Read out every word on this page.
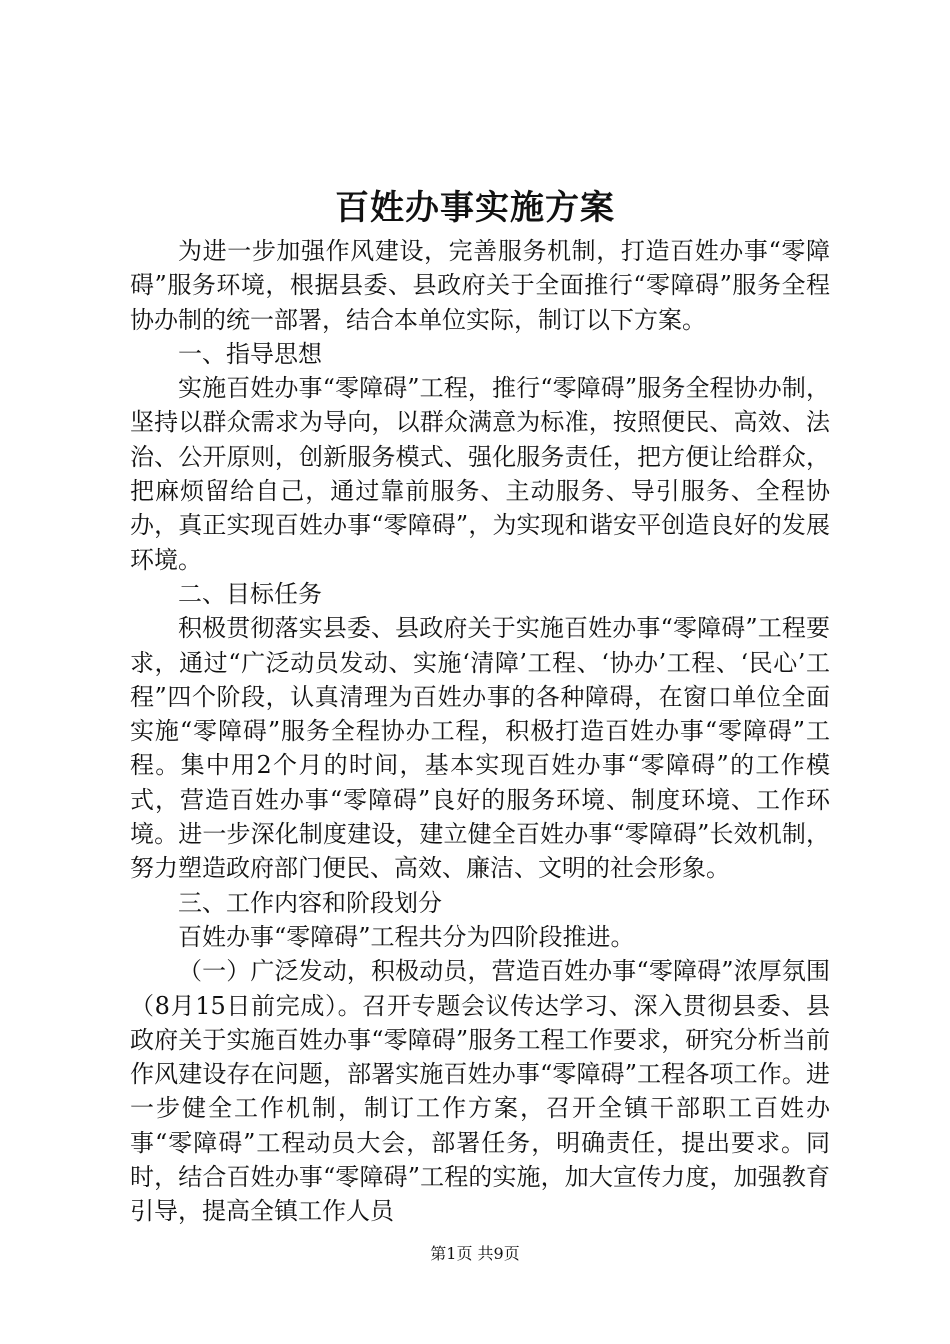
百姓办事实施方案

为进一步加强作风建设，完善服务机制，打造百姓办事“零障碍”服务环境，根据县委、县政府关于全面推行“零障碍”服务全程协办制的统一部署，结合本单位实际，制订以下方案。

一、指导思想

实施百姓办事“零障碍”工程，推行“零障碍”服务全程协办制，坚持以群众需求为导向，以群众满意为标准，按照便民、高效、法治、公开原则，创新服务模式、强化服务责任，把方便让给群众，把麻烦留给自己，通过靠前服务、主动服务、导引服务、全程协办，真正实现百姓办事“零障碍”，为实现和谐安平创造良好的发展环境。

二、目标任务

积极贯彻落实县委、县政府关于实施百姓办事“零障碍”工程要求，通过“广泛动员发动、实施‘清障’工程、‘协办’工程、‘民心’工程”四个阶段，认真清理为百姓办事的各种障碍，在窗口单位全面实施“零障碍”服务全程协办工程，积极打造百姓办事“零障碍”工程。集中用2个月的时间，基本实现百姓办事“零障碍”的工作模式，营造百姓办事“零障碍”良好的服务环境、制度环境、工作环境。进一步深化制度建设，建立健全百姓办事“零障碍”长效机制，努力塑造政府部门便民、高效、廉洁、文明的社会形象。

三、工作内容和阶段划分

百姓办事“零障碍”工程共分为四阶段推进。

（一）广泛发动，积极动员，营造百姓办事“零障碍”浓厚氛围（8月15日前完成）。召开专题会议传达学习、深入贯彻县委、县政府关于实施百姓办事“零障碍”服务工程工作要求，研究分析当前作风建设存在问题，部署实施百姓办事“零障碍”工程各项工作。进一步健全工作机制，制订工作方案，召开全镇干部职工百姓办事“零障碍”工程动员大会，部署任务，明确责任，提出要求。同时，结合百姓办事“零障碍”工程的实施，加大宣传力度，加强教育引导，提高全镇工作人员

第1页 共9页
